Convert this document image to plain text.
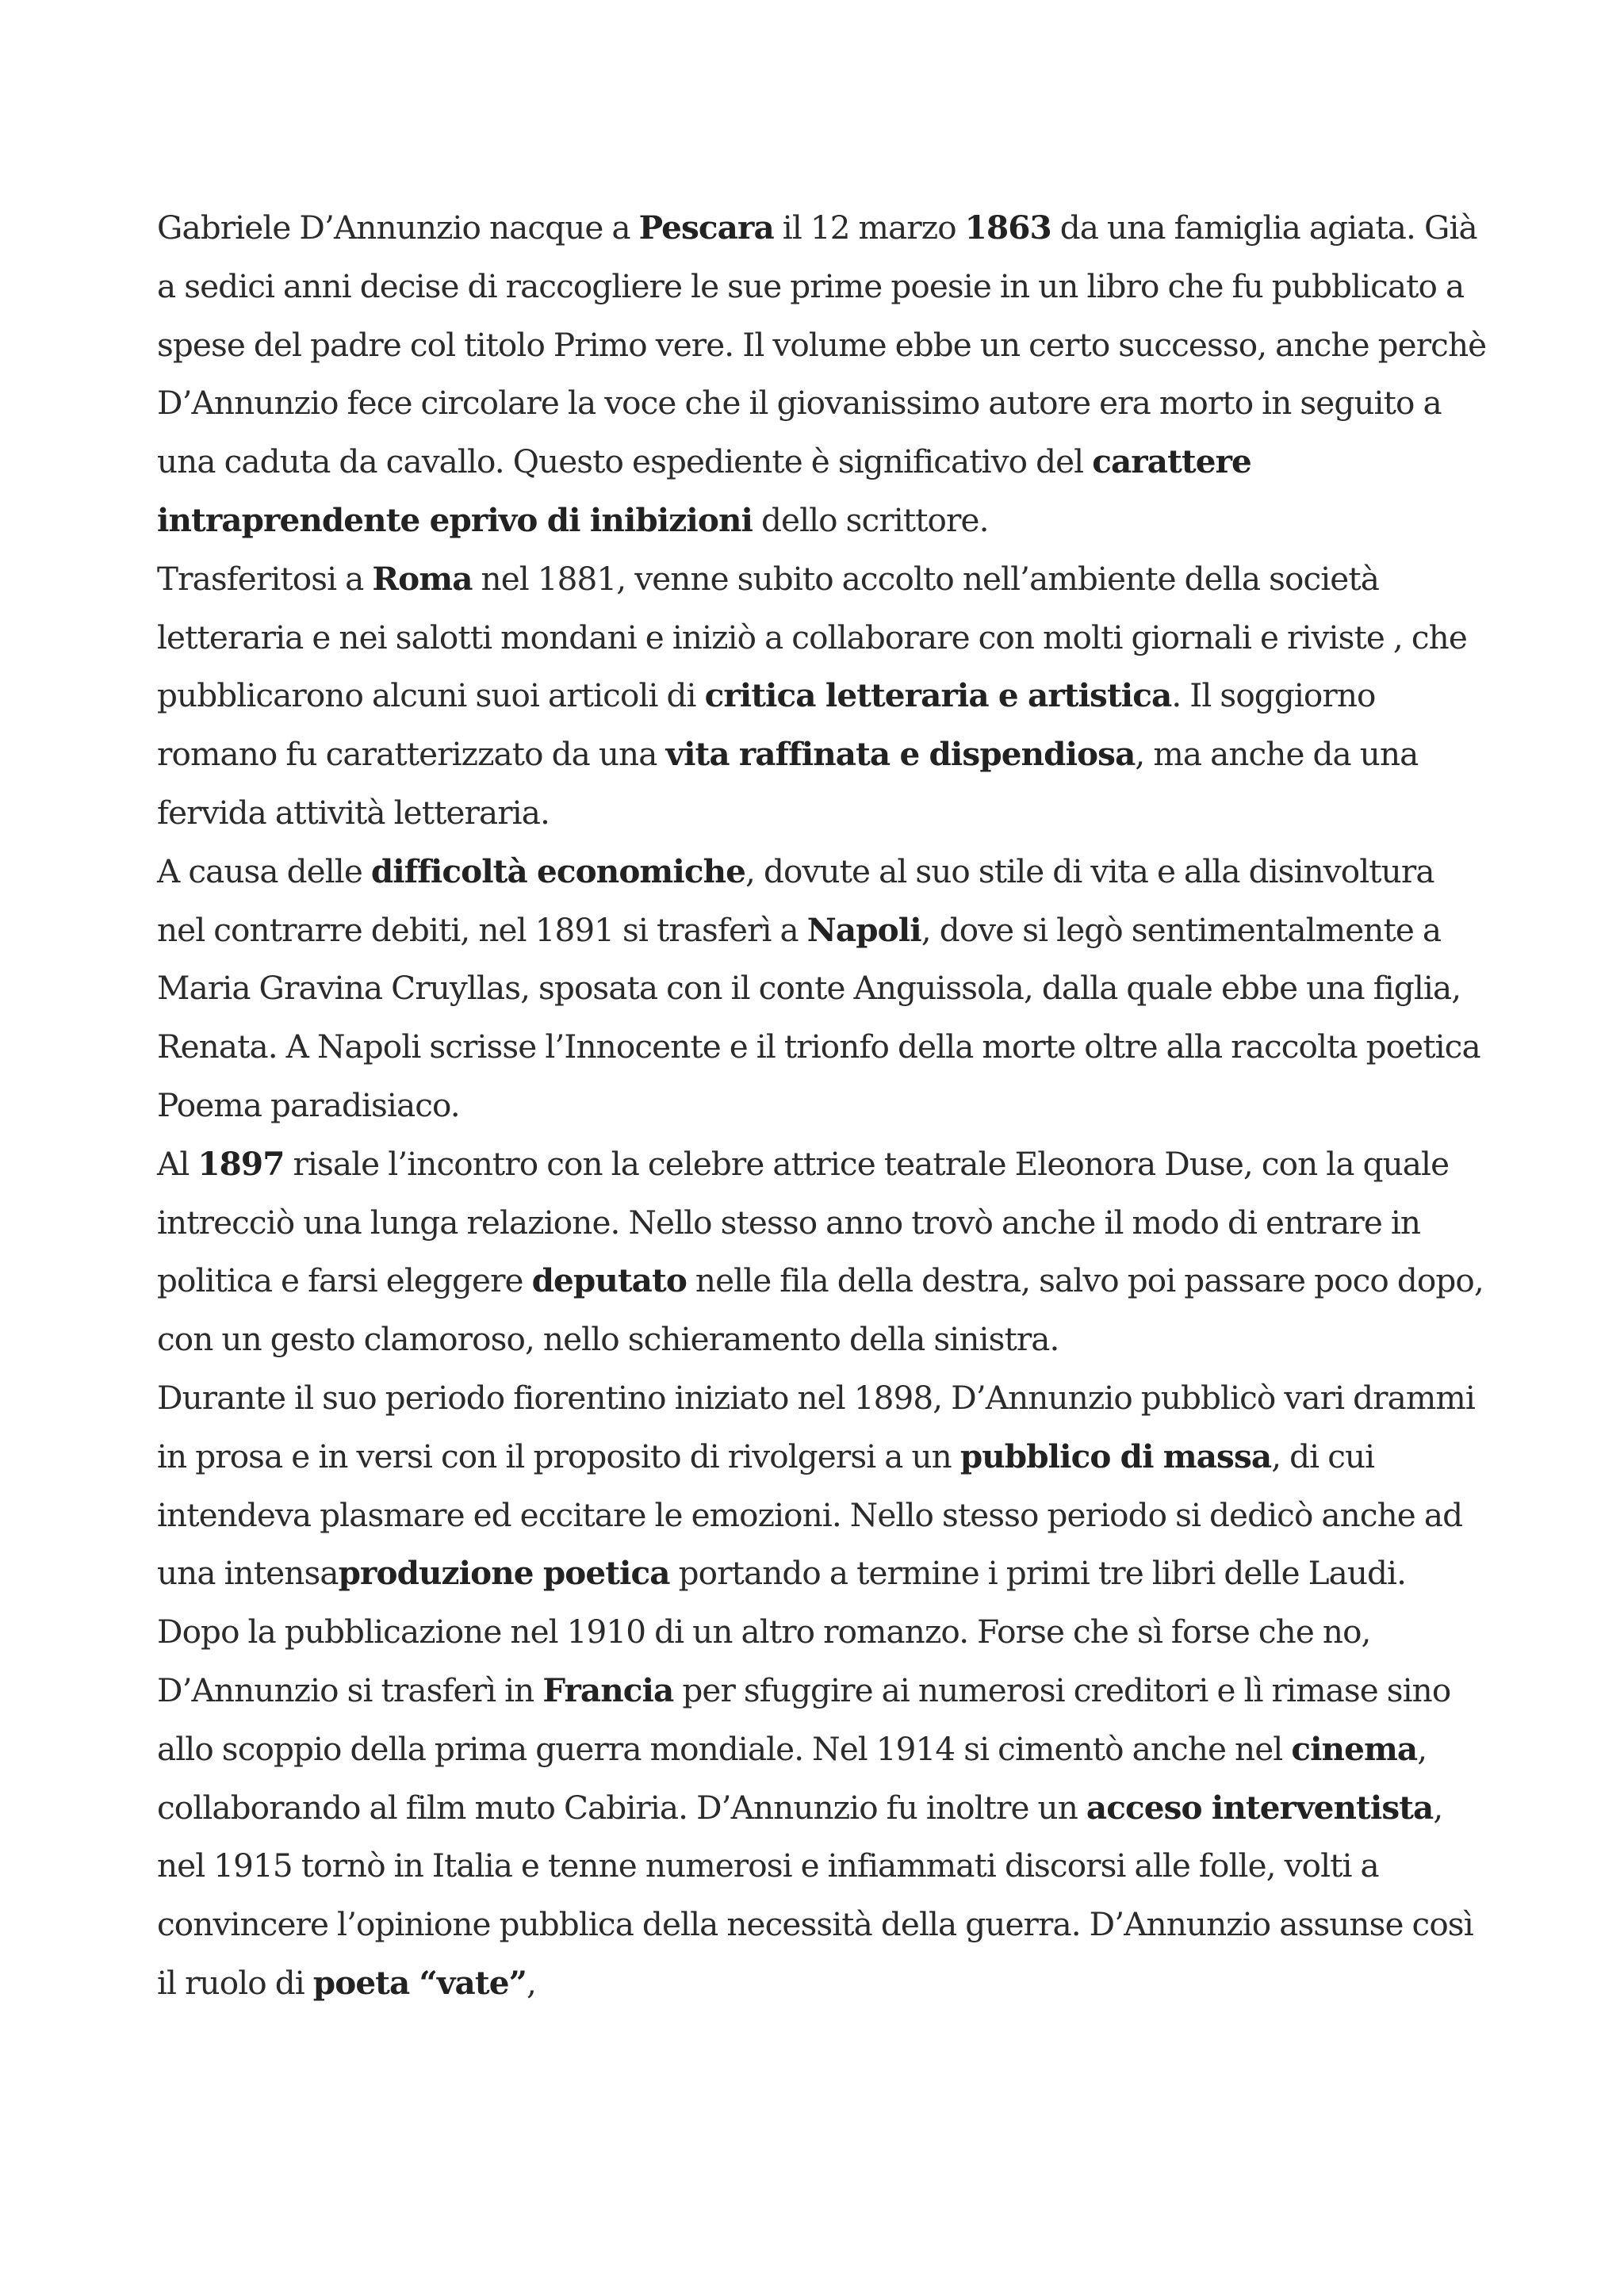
Gabriele D’Annunzio nacque a Pescara il 12 marzo 1863 da una famiglia agiata. Già a sedici anni decise di raccogliere le sue prime poesie in un libro che fu pubblicato a spese del padre col titolo Primo vere. Il volume ebbe un certo successo, anche perchè D’Annunzio fece circolare la voce che il giovanissimo autore era morto in seguito a una caduta da cavallo. Questo espediente è significativo del carattere intraprendente eprivo di inibizioni dello scrittore.

Trasferitosi a Roma nel 1881, venne subito accolto nell’ambiente della società letteraria e nei salotti mondani e iniziò a collaborare con molti giornali e riviste , che pubblicarono alcuni suoi articoli di critica letteraria e artistica. Il soggiorno romano fu caratterizzato da una vita raffinata e dispendiosa, ma anche da una fervida attività letteraria.

A causa delle difficoltà economiche, dovute al suo stile di vita e alla disinvoltura nel contrarre debiti, nel 1891 si trasferì a Napoli, dove si legò sentimentalmente a Maria Gravina Cruyllas, sposata con il conte Anguissola, dalla quale ebbe una figlia, Renata. A Napoli scrisse l’Innocente e il trionfo della morte oltre alla raccolta poetica Poema paradisiaco.

Al 1897 risale l’incontro con la celebre attrice teatrale Eleonora Duse, con la quale intrecciò una lunga relazione. Nello stesso anno trovò anche il modo di entrare in politica e farsi eleggere deputato nelle fila della destra, salvo poi passare poco dopo, con un gesto clamoroso, nello schieramento della sinistra.

Durante il suo periodo fiorentino iniziato nel 1898, D’Annunzio pubblicò vari drammi in prosa e in versi con il proposito di rivolgersi a un pubblico di massa, di cui intendeva plasmare ed eccitare le emozioni. Nello stesso periodo si dedicò anche ad una intensaproduzione poetica portando a termine i primi tre libri delle Laudi.

Dopo la pubblicazione nel 1910 di un altro romanzo. Forse che sì forse che no, D’Annunzio si trasferì in Francia per sfuggire ai numerosi creditori e lì rimase sino allo scoppio della prima guerra mondiale. Nel 1914 si cimentò anche nel cinema, collaborando al film muto Cabiria. D’Annunzio fu inoltre un acceso interventista, nel 1915 tornò in Italia e tenne numerosi e infiammati discorsi alle folle, volti a convincere l’opinione pubblica della necessità della guerra. D’Annunzio assunse così il ruolo di poeta “vate”,
